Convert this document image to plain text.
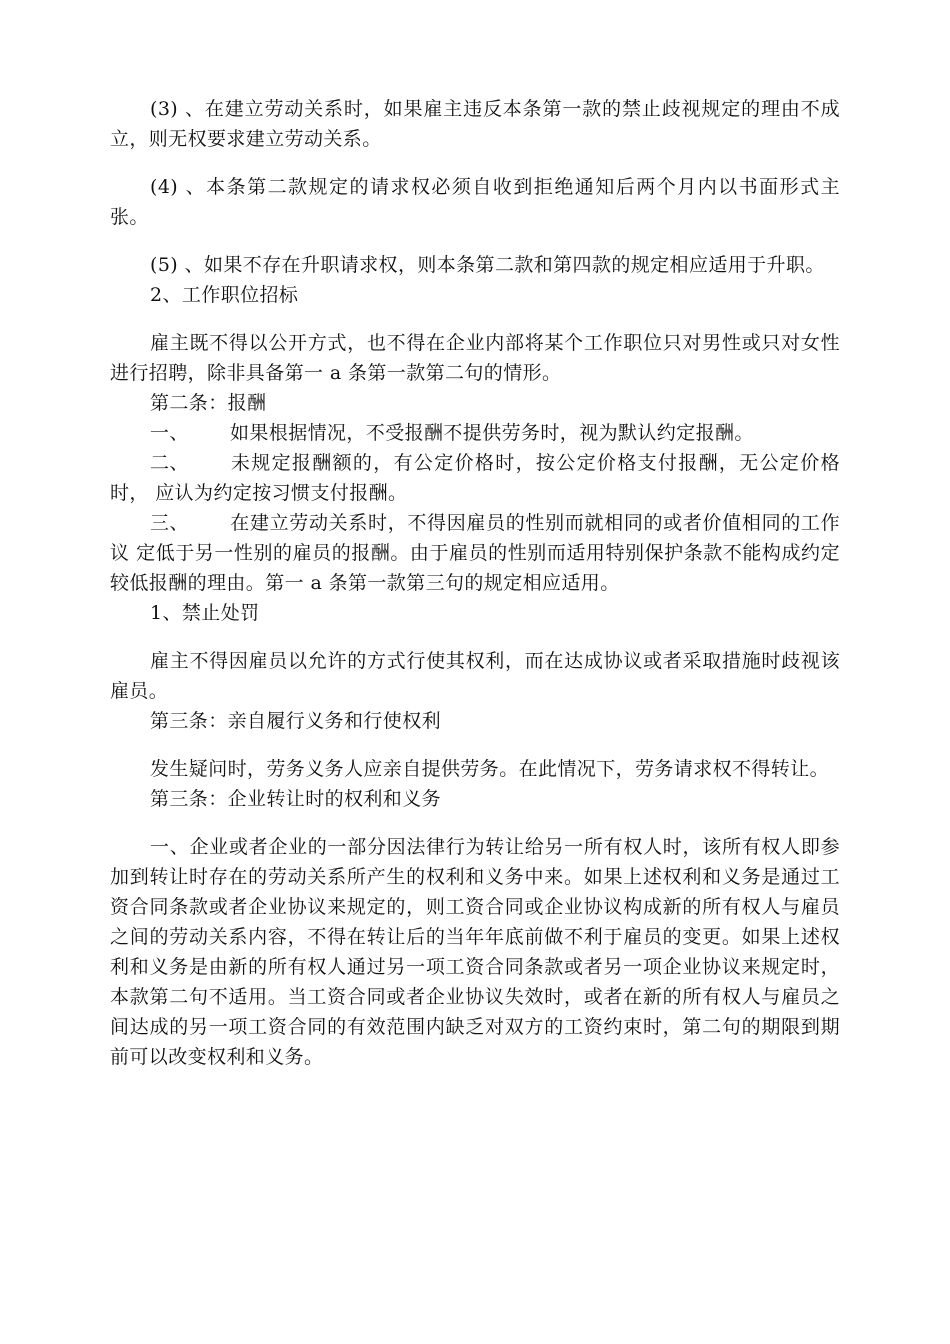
(3) 、在建立劳动关系时，如果雇主违反本条第一款的禁止歧视规定的理由不成立，则无权要求建立劳动关系。

(4) 、本条第二款规定的请求权必须自收到拒绝通知后两个月内以书面形式主张。

(5) 、如果不存在升职请求权，则本条第二款和第四款的规定相应适用于升职。

2、工作职位招标

雇主既不得以公开方式，也不得在企业内部将某个工作职位只对男性或只对女性进行招聘，除非具备第一 a 条第一款第二句的情形。

第二条：报酬

一、 如果根据情况，不受报酬不提供劳务时，视为默认约定报酬。

二、 未规定报酬额的，有公定价格时，按公定价格支付报酬，无公定价格时， 应认为约定按习惯支付报酬。

三、 在建立劳动关系时，不得因雇员的性别而就相同的或者价值相同的工作议 定低于另一性别的雇员的报酬。由于雇员的性别而适用特别保护条款不能构成约定 较低报酬的理由。第一 a 条第一款第三句的规定相应适用。

1、禁止处罚

雇主不得因雇员以允许的方式行使其权利，而在达成协议或者采取措施时歧视该雇员。

第三条：亲自履行义务和行使权利

发生疑问时，劳务义务人应亲自提供劳务。在此情况下，劳务请求权不得转让。

第三条：企业转让时的权利和义务

一、企业或者企业的一部分因法律行为转让给另一所有权人时，该所有权人即参加到转让时存在的劳动关系所产生的权利和义务中来。如果上述权利和义务是通过工资合同条款或者企业协议来规定的，则工资合同或企业协议构成新的所有权人与雇员之间的劳动关系内容，不得在转让后的当年年底前做不利于雇员的变更。如果上述权利和义务是由新的所有权人通过另一项工资合同条款或者另一项企业协议来规定时，本款第二句不适用。当工资合同或者企业协议失效时，或者在新的所有权人与雇员之间达成的另一项工资合同的有效范围内缺乏对双方的工资约束时，第二句的期限到期前可以改变权利和义务。
